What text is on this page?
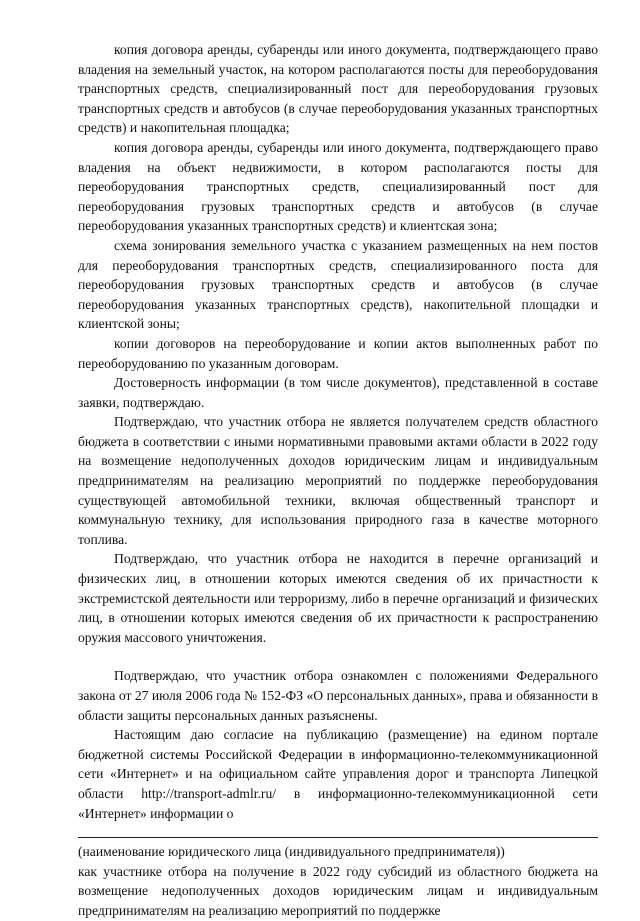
копия договора аренды, субаренды или иного документа, подтверждающего право владения на земельный участок, на котором располагаются посты для переоборудования транспортных средств, специализированный пост для переоборудования грузовых транспортных средств и автобусов (в случае переоборудования указанных транспортных средств) и накопительная площадка;

копия договора аренды, субаренды или иного документа, подтверждающего право владения на объект недвижимости, в котором располагаются посты для переоборудования транспортных средств, специализированный пост для переоборудования грузовых транспортных средств и автобусов (в случае переоборудования указанных транспортных средств) и клиентская зона;

схема зонирования земельного участка с указанием размещенных на нем постов для переоборудования транспортных средств, специализированного поста для переоборудования грузовых транспортных средств и автобусов (в случае переоборудования указанных транспортных средств), накопительной площадки и клиентской зоны;

копии договоров на переоборудование и копии актов выполненных работ по переоборудованию по указанным договорам.

Достоверность информации (в том числе документов), представленной в составе заявки, подтверждаю.

Подтверждаю, что участник отбора не является получателем средств областного бюджета в соответствии с иными нормативными правовыми актами области в 2022 году на возмещение недополученных доходов юридическим лицам и индивидуальным предпринимателям на реализацию мероприятий по поддержке переоборудования существующей автомобильной техники, включая общественный транспорт и коммунальную технику, для использования природного газа в качестве моторного топлива.

Подтверждаю, что участник отбора не находится в перечне организаций и физических лиц, в отношении которых имеются сведения об их причастности к экстремистской деятельности или терроризму, либо в перечне организаций и физических лиц, в отношении которых имеются сведения об их причастности к распространению оружия массового уничтожения.

Подтверждаю, что участник отбора ознакомлен с положениями Федерального закона от 27 июля 2006 года № 152-ФЗ «О персональных данных», права и обязанности в области защиты персональных данных разъяснены.

Настоящим даю согласие на публикацию (размещение) на едином портале бюджетной системы Российской Федерации в информационно-телекоммуникационной сети «Интернет» и на официальном сайте управления дорог и транспорта Липецкой области http://transport-admlr.ru/ в информационно-телекоммуникационной сети «Интернет» информации о

(наименование юридического лица (индивидуального предпринимателя))

как участнике отбора на получение в 2022 году субсидий из областного бюджета на возмещение недополученных доходов юридическим лицам и индивидуальным предпринимателям на реализацию мероприятий по поддержке
